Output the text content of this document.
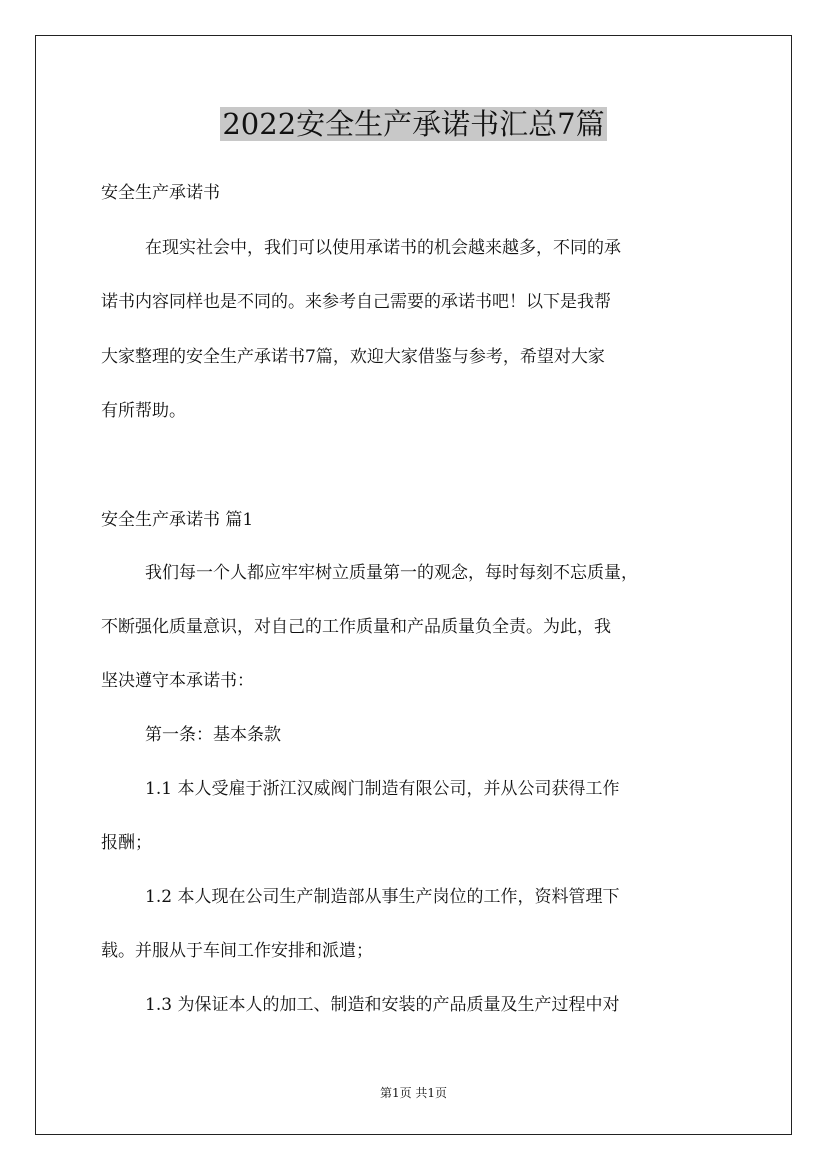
2022安全生产承诺书汇总7篇
安全生产承诺书
在现实社会中，我们可以使用承诺书的机会越来越多，不同的承
诺书内容同样也是不同的。来参考自己需要的承诺书吧！以下是我帮
大家整理的安全生产承诺书7篇，欢迎大家借鉴与参考，希望对大家
有所帮助。
安全生产承诺书 篇1
我们每一个人都应牢牢树立质量第一的观念，每时每刻不忘质量，
不断强化质量意识，对自己的工作质量和产品质量负全责。为此，我
坚决遵守本承诺书：
第一条：基本条款
1.1 本人受雇于浙江汉威阀门制造有限公司，并从公司获得工作
报酬；
1.2 本人现在公司生产制造部从事生产岗位的工作，资料管理下
载。并服从于车间工作安排和派遣；
1.3 为保证本人的加工、制造和安装的产品质量及生产过程中对
第1页 共1页
